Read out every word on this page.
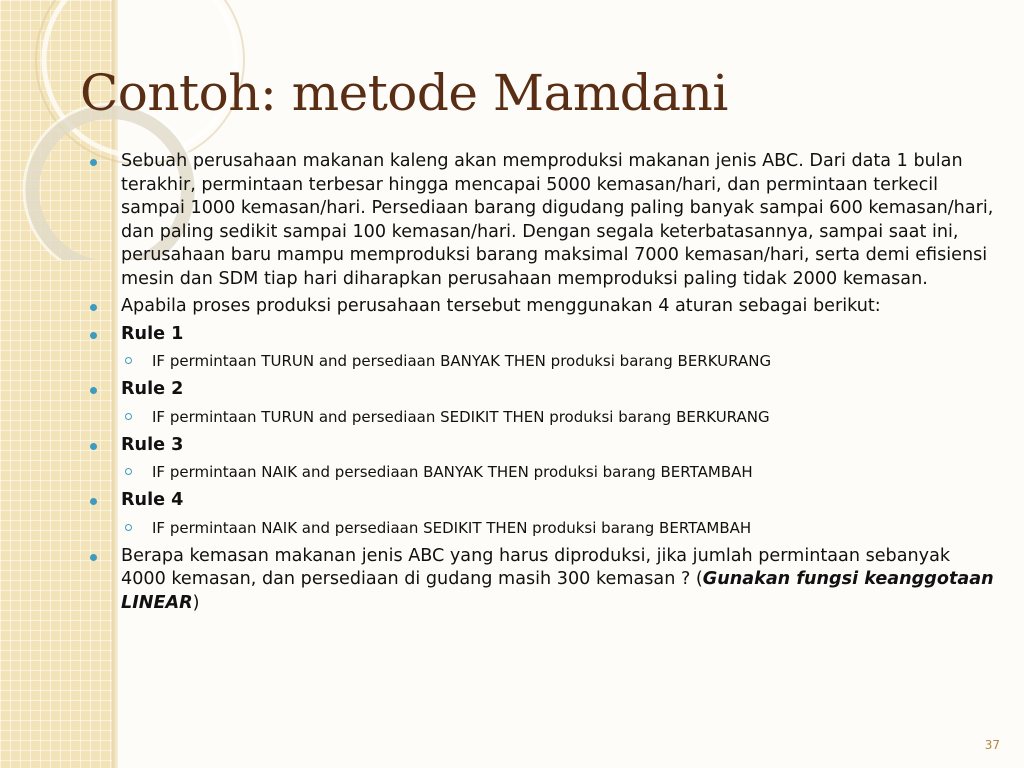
Contoh: metode Mamdani
Sebuah perusahaan makanan kaleng akan memproduksi makanan jenis ABC. Dari data 1 bulan terakhir, permintaan terbesar hingga mencapai 5000 kemasan/hari, dan permintaan terkecil sampai 1000 kemasan/hari. Persediaan barang digudang paling banyak sampai 600 kemasan/hari, dan paling sedikit sampai 100 kemasan/hari. Dengan segala keterbatasannya, sampai saat ini, perusahaan baru mampu memproduksi barang maksimal 7000 kemasan/hari, serta demi efisiensi mesin dan SDM tiap hari diharapkan perusahaan memproduksi paling tidak 2000 kemasan.
Apabila proses produksi perusahaan tersebut menggunakan 4 aturan sebagai berikut:
Rule 1
IF permintaan TURUN and persediaan BANYAK THEN produksi barang BERKURANG
Rule 2
IF permintaan TURUN and persediaan SEDIKIT THEN produksi barang BERKURANG
Rule 3
IF permintaan NAIK and persediaan BANYAK THEN produksi barang BERTAMBAH
Rule 4
IF permintaan NAIK and persediaan SEDIKIT THEN produksi barang BERTAMBAH
Berapa kemasan makanan jenis ABC yang harus diproduksi, jika jumlah permintaan sebanyak 4000 kemasan, dan persediaan di gudang masih 300 kemasan ? (Gunakan fungsi keanggotaan LINEAR)
37
